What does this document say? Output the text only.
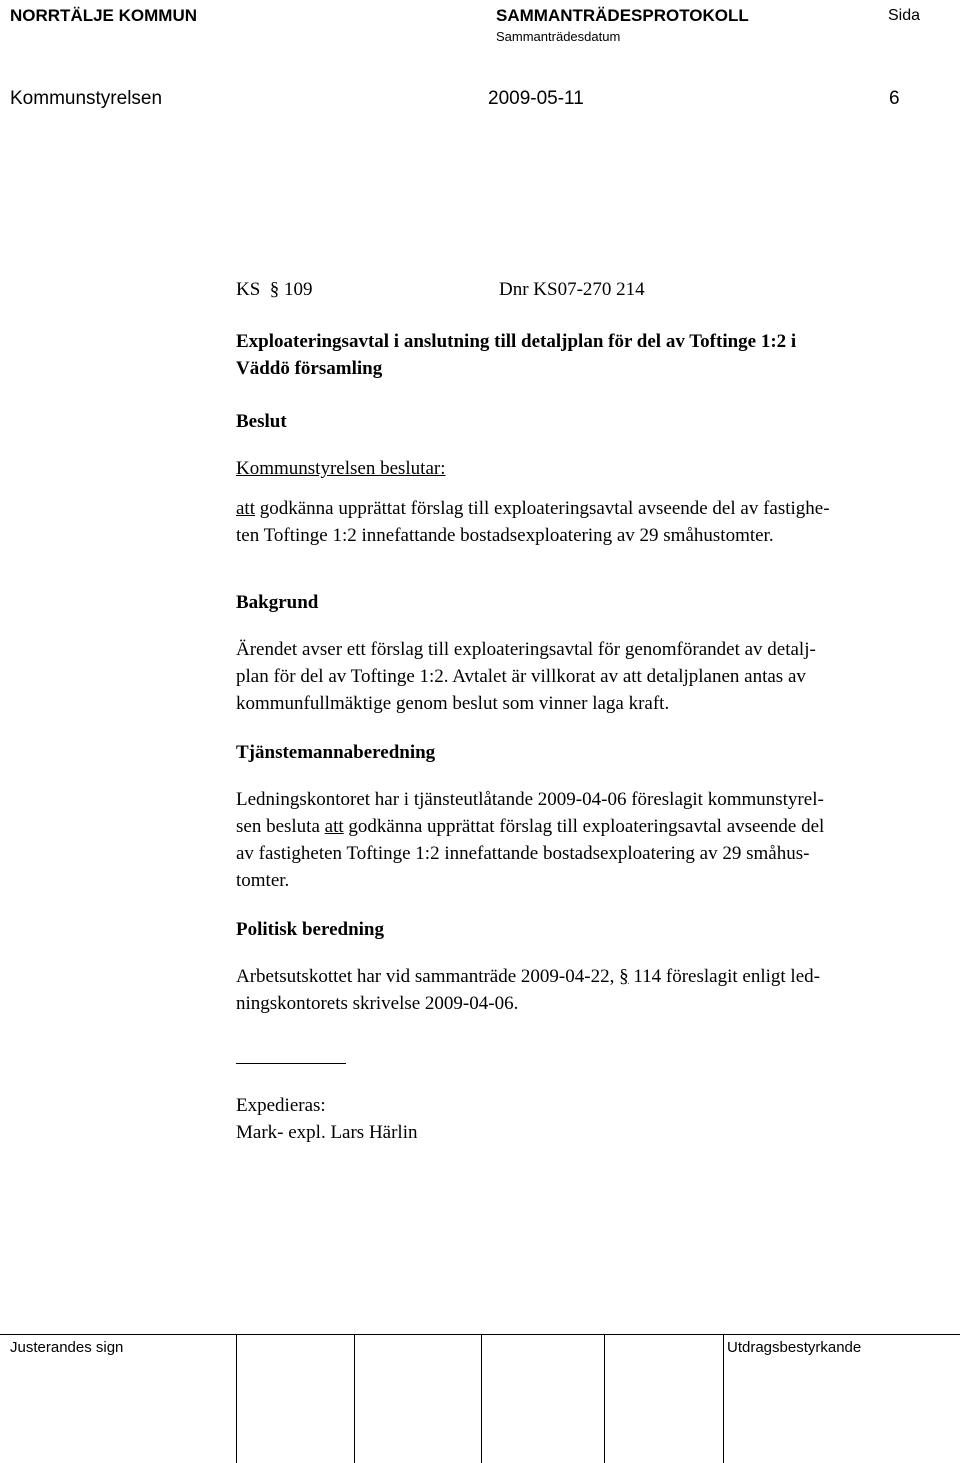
NORRTÄLJE KOMMUN	SAMMANTRÄDESPROTOKOLL
Sammanträdesdatum
Sida
Kommunstyrelsen	2009-05-11	6
KS  § 109	Dnr KS07-270 214
Exploateringsavtal i anslutning till detaljplan för del av Toftinge 1:2 i
Väddö församling
Beslut
Kommunstyrelsen beslutar:
att godkänna upprättat förslag till exploateringsavtal avseende del av fastighe-
ten Toftinge 1:2 innefattande bostadsexploatering av 29 småhustomter.
Bakgrund
Ärendet avser ett förslag till exploateringsavtal för genomförandet av detalj-
plan för del av Toftinge 1:2. Avtalet är villkorat av att detaljplanen antas av
kommunfullmäktige genom beslut som vinner laga kraft.
Tjänstemannaberedning
Ledningskontoret har i tjänsteutlåtande 2009-04-06 föreslagit kommunstyrel-
sen besluta att godkänna upprättat förslag till exploateringsavtal avseende del
av fastigheten Toftinge 1:2 innefattande bostadsexploatering av 29 småhus-
tomter.
Politisk beredning
Arbetsutskottet har vid sammanträde 2009-04-22, § 114 föreslagit enligt led-
ningskontorets skrivelse 2009-04-06.
Expedieras:
Mark- expl. Lars Härlin
Justerandes sign	Utdragsbestyrkande
